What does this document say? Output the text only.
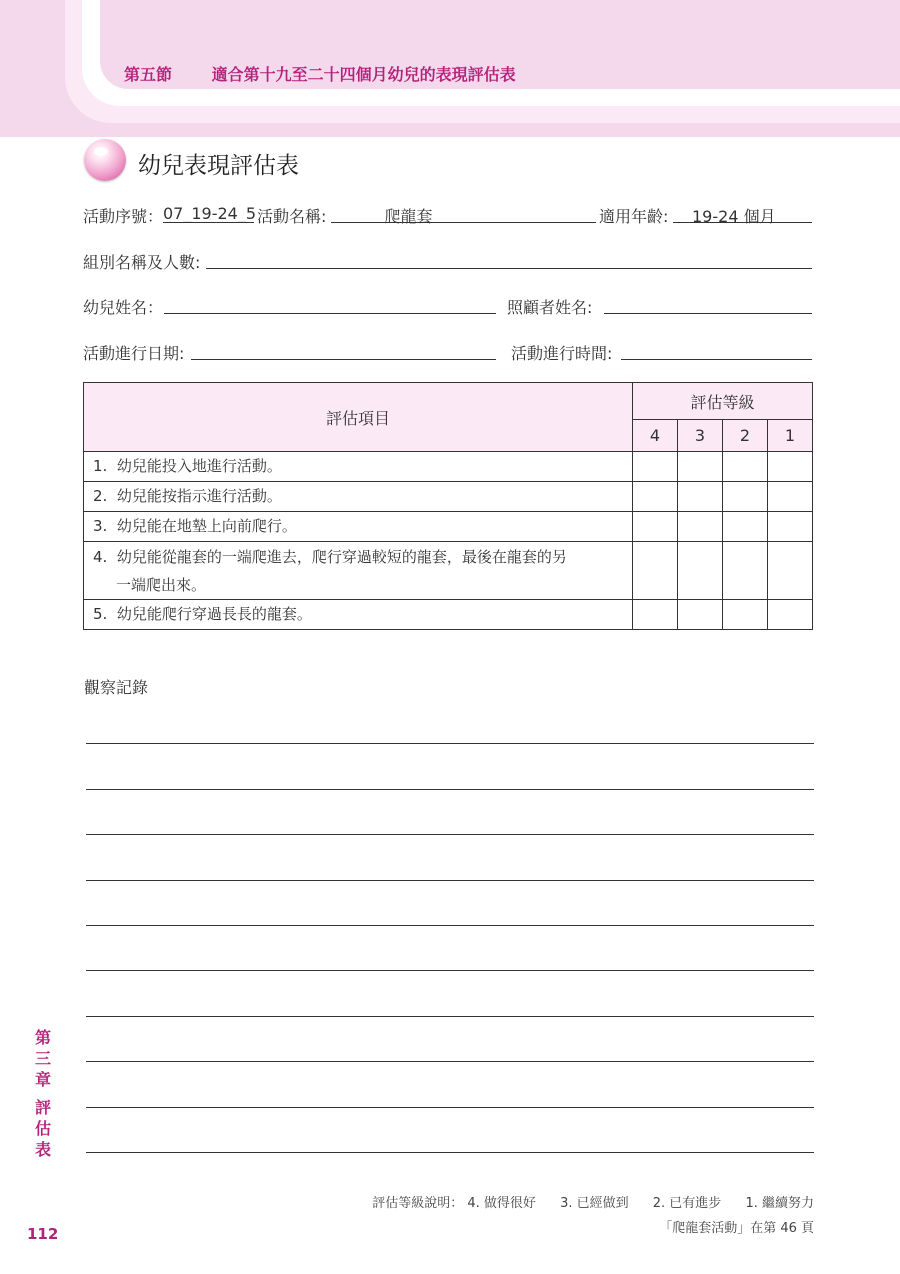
第五節 適合第十九至二十四個月幼兒的表現評估表
幼兒表現評估表
活動序號： 07_19-24_5 活動名稱:	爬龍套	適用年齡: 19-24 個月
組別名稱及人數:
幼兒姓名：	照顧者姓名:
活動進行日期:	活動進行時間:
評估項目	評估等級			
	4	3	2	1
1. 幼兒能投入地進行活動。				
2. 幼兒能按指示進行活動。				
3. 幼兒能在地墊上向前爬行。				
4. 幼兒能從龍套的一端爬進去，爬行穿過較短的龍套，最後在龍套的另
一端爬出來。				
5. 幼兒能爬行穿過長長的龍套。				
觀察記錄
第
三
章
評
估
表
112
評估等級說明： 4. 做得很好 3. 已經做到 2. 已有進步 1. 繼續努力
「爬龍套活動」在第 46 頁
